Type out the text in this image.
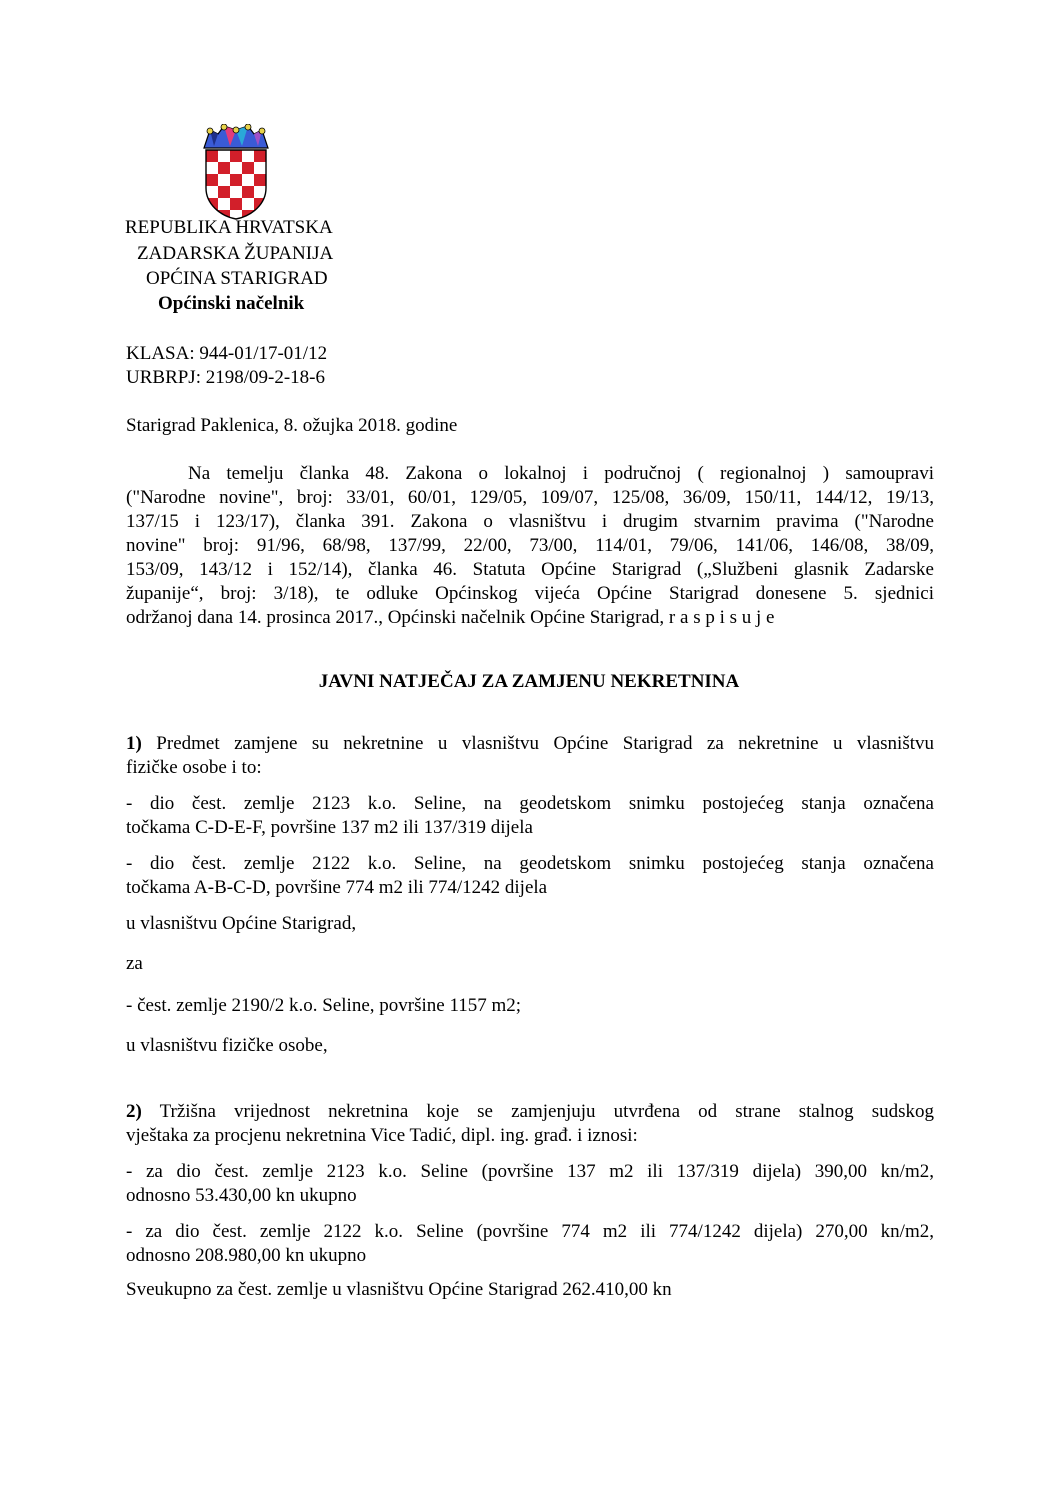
REPUBLIKA HRVATSKA
ZADARSKA ŽUPANIJA
OPĆINA STARIGRAD
Općinski načelnik
KLASA: 944-01/17-01/12
URBRPJ: 2198/09-2-18-6
Starigrad Paklenica, 8. ožujka 2018. godine
Na temelju članka 48. Zakona o lokalnoj i područnoj ( regionalnoj ) samoupravi
("Narodne novine", broj: 33/01, 60/01, 129/05, 109/07, 125/08, 36/09, 150/11, 144/12, 19/13,
137/15 i 123/17), članka 391. Zakona o vlasništvu i drugim stvarnim pravima ("Narodne
novine" broj: 91/96, 68/98, 137/99, 22/00, 73/00, 114/01, 79/06, 141/06, 146/08, 38/09,
153/09, 143/12 i 152/14), članka 46. Statuta Općine Starigrad („Službeni glasnik Zadarske
županije“, broj: 3/18), te odluke Općinskog vijeća Općine Starigrad donesene 5. sjednici
održanoj dana 14. prosinca 2017., Općinski načelnik Općine Starigrad, r a s p i s u j e
JAVNI NATJEČAJ ZA ZAMJENU NEKRETNINA
1) Predmet zamjene su nekretnine u vlasništvu Općine Starigrad za nekretnine u vlasništvu
fizičke osobe i to:
- dio čest. zemlje 2123 k.o. Seline, na geodetskom snimku postojećeg stanja označena
točkama C-D-E-F, površine 137 m2 ili 137/319 dijela
- dio čest. zemlje 2122 k.o. Seline, na geodetskom snimku postojećeg stanja označena
točkama A-B-C-D, površine 774 m2 ili 774/1242 dijela
u vlasništvu Općine Starigrad,
za
- čest. zemlje 2190/2 k.o. Seline, površine 1157 m2;
u vlasništvu fizičke osobe,
2) Tržišna vrijednost nekretnina koje se zamjenjuju utvrđena od strane stalnog sudskog
vještaka za procjenu nekretnina Vice Tadić, dipl. ing. građ. i iznosi:
- za dio čest. zemlje 2123 k.o. Seline (površine 137 m2 ili 137/319 dijela) 390,00 kn/m2,
odnosno 53.430,00 kn ukupno
- za dio čest. zemlje 2122 k.o. Seline (površine 774 m2 ili 774/1242 dijela) 270,00 kn/m2,
odnosno 208.980,00 kn ukupno
Sveukupno za čest. zemlje u vlasništvu Općine Starigrad 262.410,00 kn
